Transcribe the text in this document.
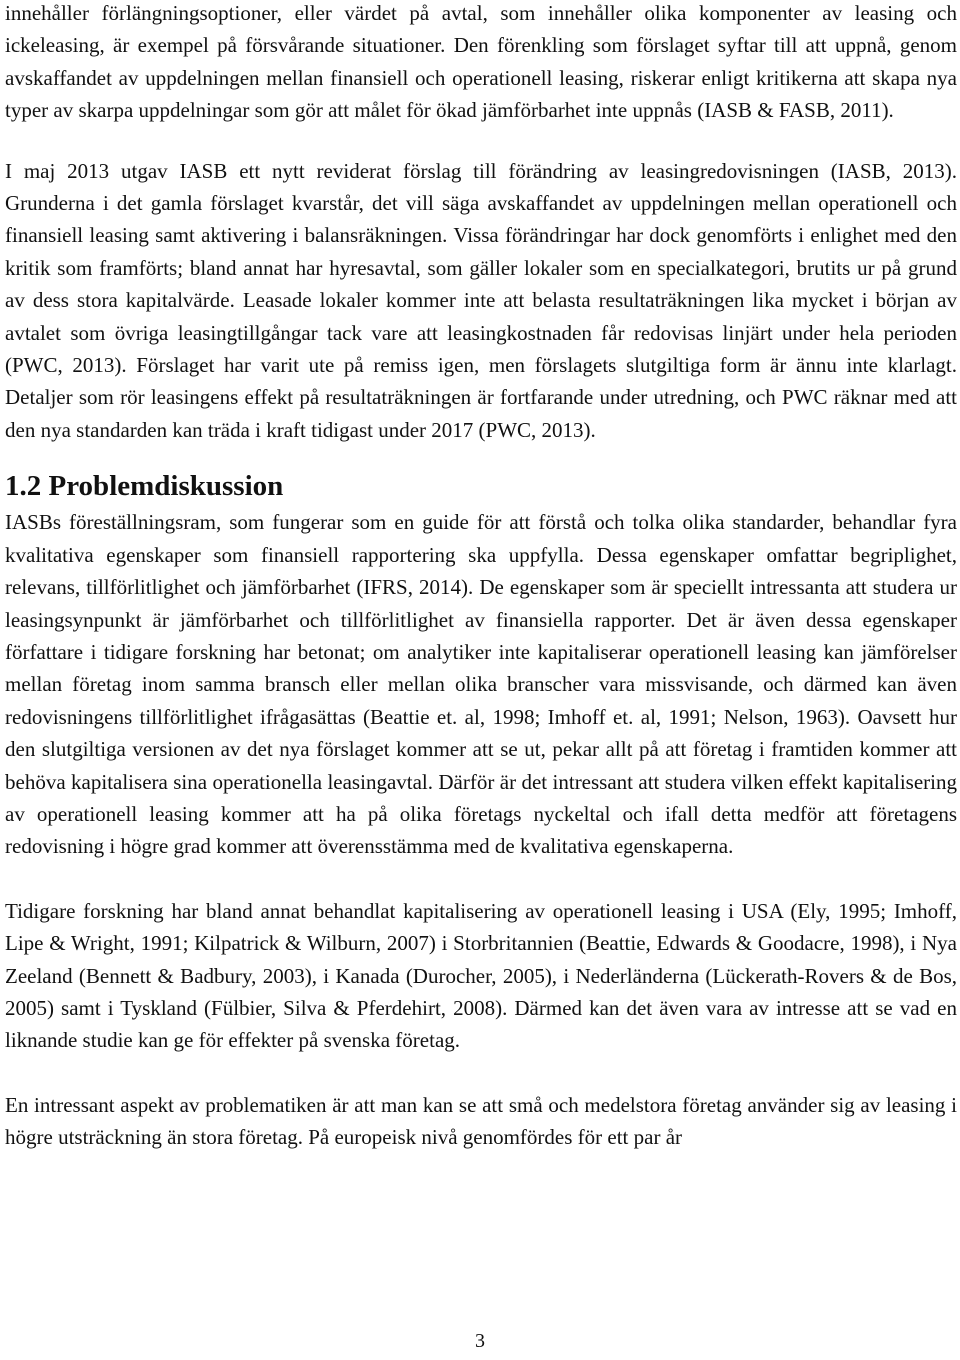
innehåller förlängningsoptioner, eller värdet på avtal, som innehåller olika komponenter av leasing och ickeleasing, är exempel på försvårande situationer. Den förenkling som förslaget syftar till att uppnå, genom avskaffandet av uppdelningen mellan finansiell och operationell leasing, riskerar enligt kritikerna att skapa nya typer av skarpa uppdelningar som gör att målet för ökad jämförbarhet inte uppnås (IASB & FASB, 2011).

I maj 2013 utgav IASB ett nytt reviderat förslag till förändring av leasingredovisningen (IASB, 2013). Grunderna i det gamla förslaget kvarstår, det vill säga avskaffandet av uppdelningen mellan operationell och finansiell leasing samt aktivering i balansräkningen. Vissa förändringar har dock genomförts i enlighet med den kritik som framförts; bland annat har hyresavtal, som gäller lokaler som en specialkategori, brutits ur på grund av dess stora kapitalvärde. Leasade lokaler kommer inte att belasta resultaträkningen lika mycket i början av avtalet som övriga leasingtillgångar tack vare att leasingkostnaden får redovisas linjärt under hela perioden (PWC, 2013). Förslaget har varit ute på remiss igen, men förslagets slutgiltiga form är ännu inte klarlagt. Detaljer som rör leasingens effekt på resultaträkningen är fortfarande under utredning, och PWC räknar med att den nya standarden kan träda i kraft tidigast under 2017 (PWC, 2013).

1.2 Problemdiskussion

IASBs föreställningsram, som fungerar som en guide för att förstå och tolka olika standarder, behandlar fyra kvalitativa egenskaper som finansiell rapportering ska uppfylla. Dessa egenskaper omfattar begriplighet, relevans, tillförlitlighet och jämförbarhet (IFRS, 2014). De egenskaper som är speciellt intressanta att studera ur leasingsynpunkt är jämförbarhet och tillförlitlighet av finansiella rapporter. Det är även dessa egenskaper författare i tidigare forskning har betonat; om analytiker inte kapitaliserar operationell leasing kan jämförelser mellan företag inom samma bransch eller mellan olika branscher vara missvisande, och därmed kan även redovisningens tillförlitlighet ifrågasättas (Beattie et. al, 1998; Imhoff et. al, 1991; Nelson, 1963). Oavsett hur den slutgiltiga versionen av det nya förslaget kommer att se ut, pekar allt på att företag i framtiden kommer att behöva kapitalisera sina operationella leasingavtal. Därför är det intressant att studera vilken effekt kapitalisering av operationell leasing kommer att ha på olika företags nyckeltal och ifall detta medför att företagens redovisning i högre grad kommer att överensstämma med de kvalitativa egenskaperna.

Tidigare forskning har bland annat behandlat kapitalisering av operationell leasing i USA (Ely, 1995; Imhoff, Lipe & Wright, 1991; Kilpatrick & Wilburn, 2007) i Storbritannien (Beattie, Edwards & Goodacre, 1998), i Nya Zeeland (Bennett & Badbury, 2003), i Kanada (Durocher, 2005), i Nederländerna (Lückerath-Rovers & de Bos, 2005) samt i Tyskland (Fülbier, Silva & Pferdehirt, 2008). Därmed kan det även vara av intresse att se vad en liknande studie kan ge för effekter på svenska företag.

En intressant aspekt av problematiken är att man kan se att små och medelstora företag använder sig av leasing i högre utsträckning än stora företag. På europeisk nivå genomfördes för ett par år

3
